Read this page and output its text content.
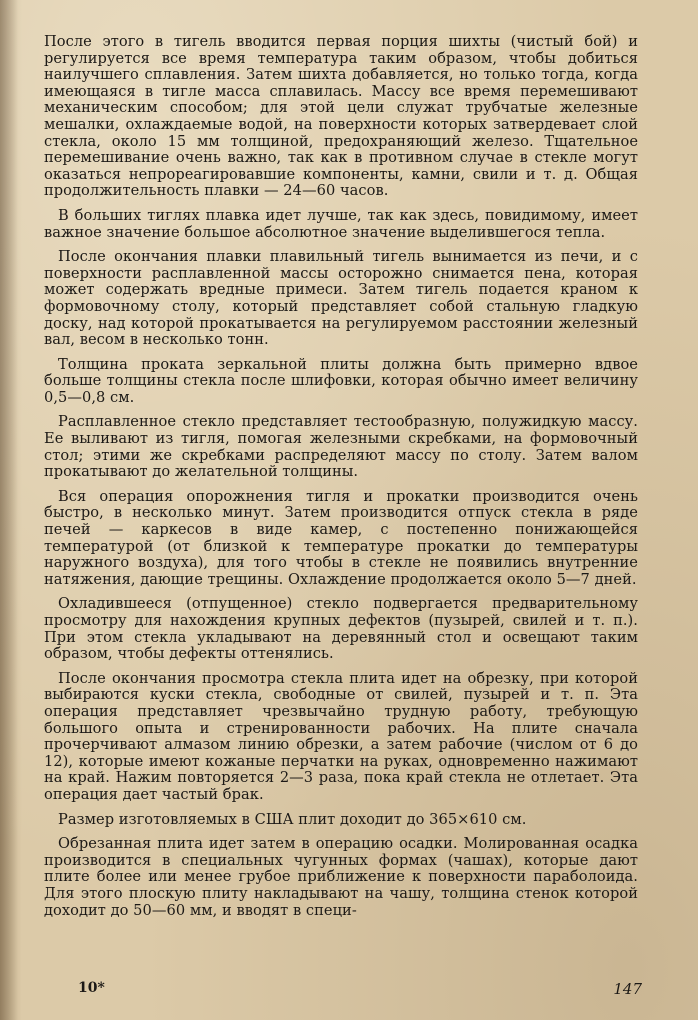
После этого в тигель вводится первая порция шихты (чистый бой) и регулируется все время температура таким образом, чтобы добиться наилучшего сплавления. Затем шихта добавляется, но только тогда, когда имеющаяся в тигле масса сплавилась. Массу все время перемешивают механическим способом; для этой цели служат трубчатые железные мешалки, охлаждаемые водой, на поверхности которых затвердевает слой стекла, около 15 мм толщиной, предохраняющий железо. Тщательное перемешивание очень важно, так как в противном случае в стекле могут оказаться непрореагировавшие компоненты, камни, свили и т. д. Общая продолжительность плавки — 24—60 часов.

В больших тиглях плавка идет лучше, так как здесь, повидимому, имеет важное значение большое абсолютное значение выделившегося тепла.

После окончания плавки плавильный тигель вынимается из печи, и с поверхности расплавленной массы осторожно снимается пена, которая может содержать вредные примеси. Затем тигель подается краном к формовочному столу, который представляет собой стальную гладкую доску, над которой прокатывается на регулируемом расстоянии железный вал, весом в несколько тонн.

Толщина проката зеркальной плиты должна быть примерно вдвое больше толщины стекла после шлифовки, которая обычно имеет величину 0,5—0,8 см.

Расплавленное стекло представляет тестообразную, полужидкую массу. Ее выливают из тигля, помогая железными скребками, на формовочный стол; этими же скребками распределяют массу по столу. Затем валом прокатывают до желательной толщины.

Вся операция опорожнения тигля и прокатки производится очень быстро, в несколько минут. Затем производится отпуск стекла в ряде печей — каркесов в виде камер, с постепенно понижающейся температурой (от близкой к температуре прокатки до температуры наружного воздуха), для того чтобы в стекле не появились внутренние натяжения, дающие трещины. Охлаждение продолжается около 5—7 дней.

Охладившееся (отпущенное) стекло подвергается предварительному просмотру для нахождения крупных дефектов (пузырей, свилей и т. п.). При этом стекла укладывают на деревянный стол и освещают таким образом, чтобы дефекты оттенялись.

После окончания просмотра стекла плита идет на обрезку, при которой выбираются куски стекла, свободные от свилей, пузырей и т. п. Эта операция представляет чрезвычайно трудную работу, требующую большого опыта и стренированности рабочих. На плите сначала прочерчивают алмазом линию обрезки, а затем рабочие (числом от 6 до 12), которые имеют кожаные перчатки на руках, одновременно нажимают на край. Нажим повторяется 2—3 раза, пока край стекла не отлетает. Эта операция дает частый брак.

Размер изготовляемых в США плит доходит до 365×610 см.

Обрезанная плита идет затем в операцию осадки. Молированная осадка производится в специальных чугунных формах (чашах), которые дают плите более или менее грубое приближение к поверхности параболоида. Для этого плоскую плиту накладывают на чашу, толщина стенок которой доходит до 50—60 мм, и вводят в специ-

10*	147
